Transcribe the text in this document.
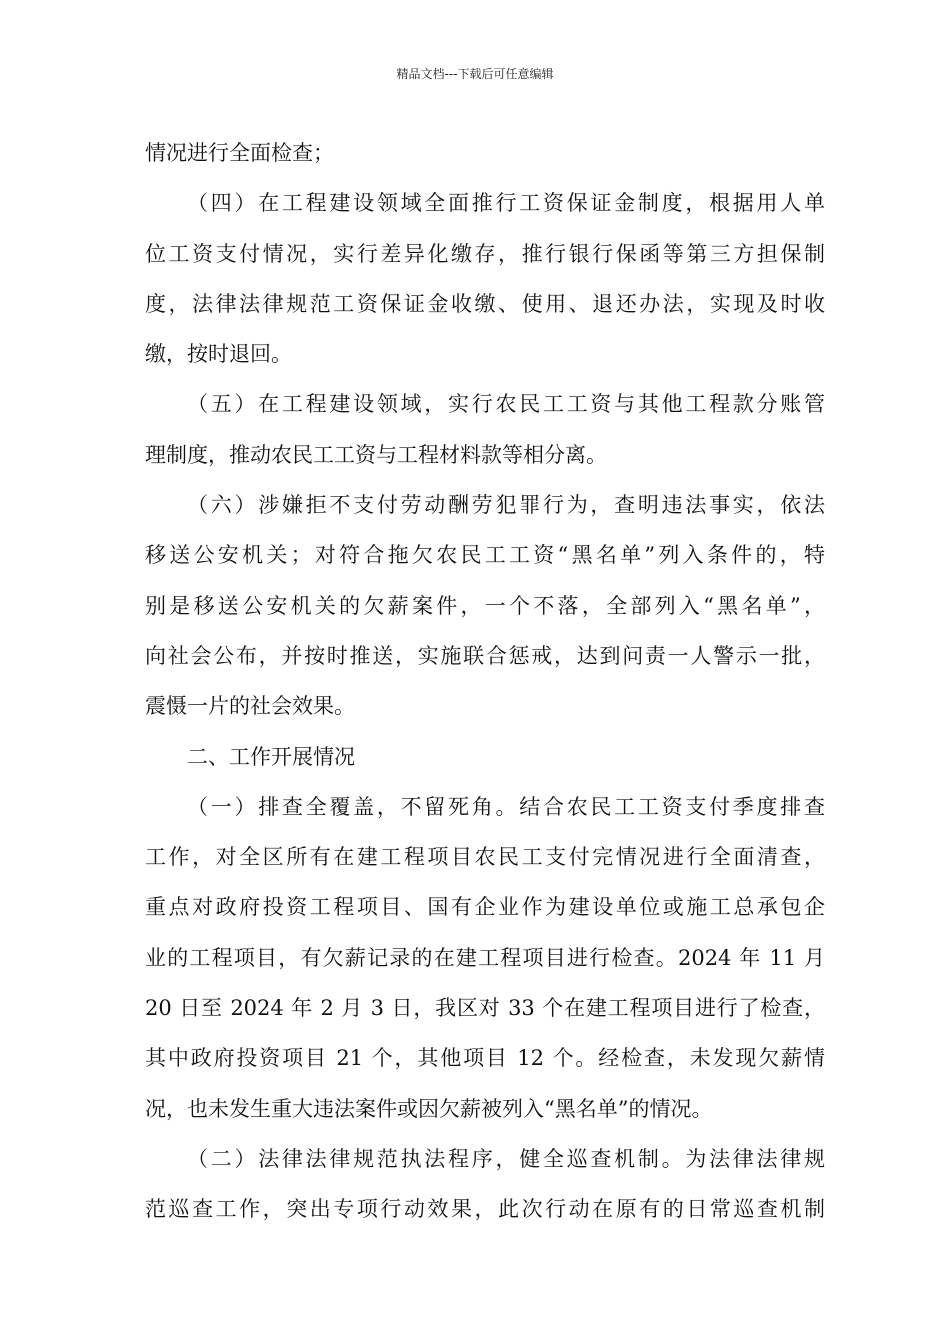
精品文档---下载后可任意编辑
情况进行全面检查；
（四）在工程建设领域全面推行工资保证金制度，根据用人单
位工资支付情况，实行差异化缴存，推行银行保函等第三方担保制
度，法律法律规范工资保证金收缴、使用、退还办法，实现及时收
缴，按时退回。
（五）在工程建设领域，实行农民工工资与其他工程款分账管
理制度，推动农民工工资与工程材料款等相分离。
（六）涉嫌拒不支付劳动酬劳犯罪行为，查明违法事实，依法
移送公安机关；对符合拖欠农民工工资“黑名单”列入条件的，特
别是移送公安机关的欠薪案件，一个不落，全部列入“黑名单”，
向社会公布，并按时推送，实施联合惩戒，达到问责一人警示一批，
震慑一片的社会效果。
二、工作开展情况
（一）排查全覆盖，不留死角。结合农民工工资支付季度排查
工作，对全区所有在建工程项目农民工支付完情况进行全面清查，
重点对政府投资工程项目、国有企业作为建设单位或施工总承包企
业的工程项目，有欠薪记录的在建工程项目进行检查。2024 年 11 月
20 日至 2024 年 2 月 3 日，我区对 33 个在建工程项目进行了检查，
其中政府投资项目 21 个，其他项目 12 个。经检查，未发现欠薪情
况，也未发生重大违法案件或因欠薪被列入“黑名单”的情况。
（二）法律法律规范执法程序，健全巡查机制。为法律法律规
范巡查工作，突出专项行动效果，此次行动在原有的日常巡查机制
